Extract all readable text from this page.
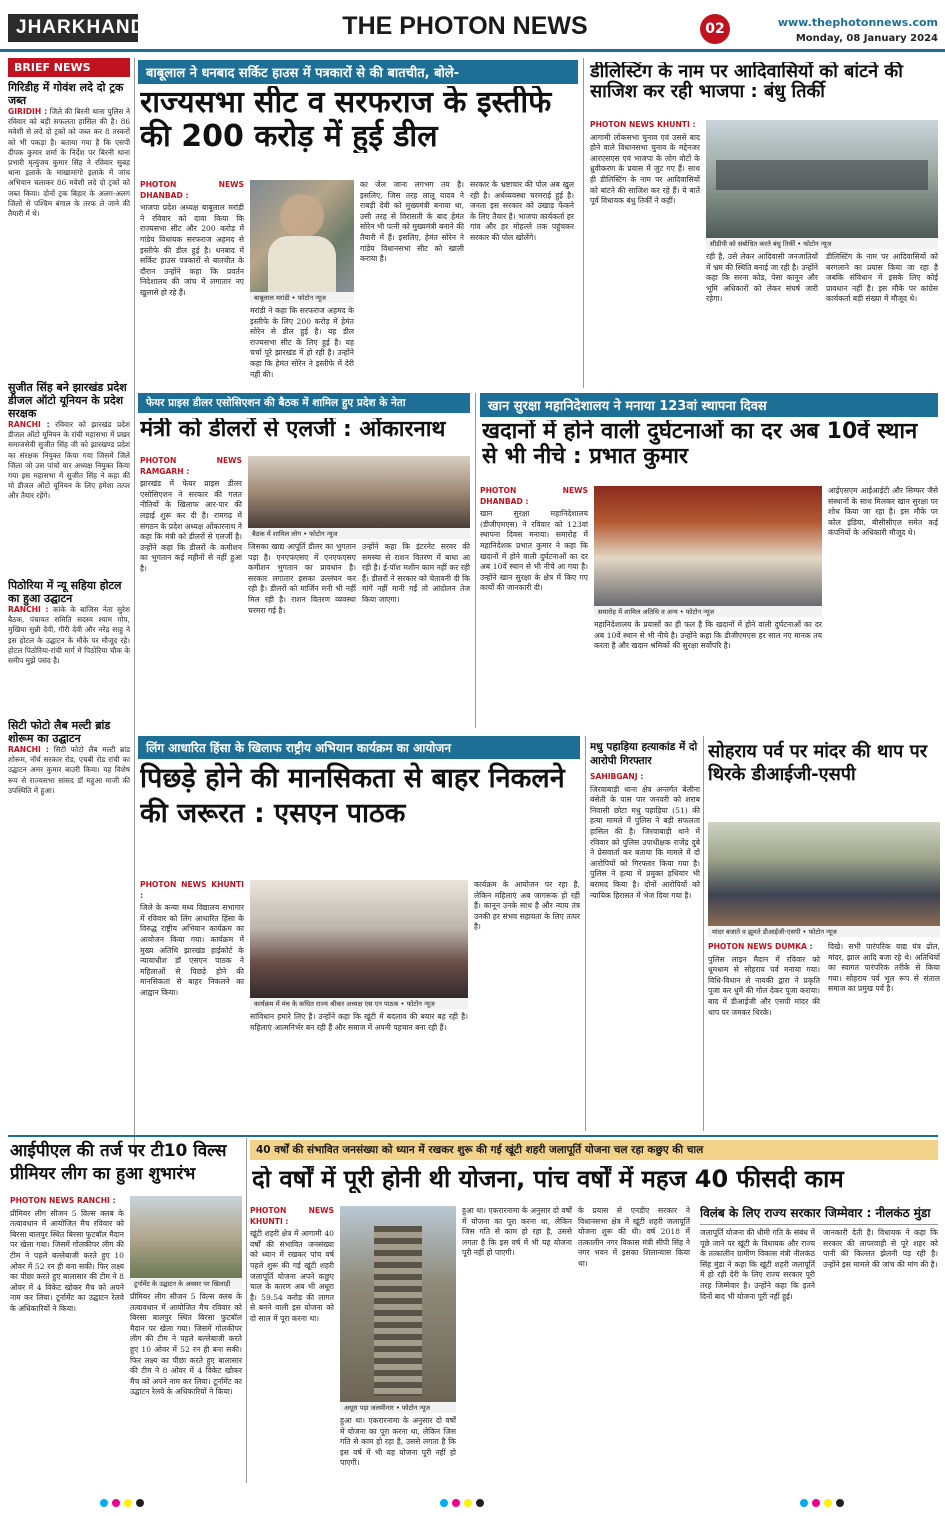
JHARKHAND	THE PHOTON NEWS	02	www.thephotonnews.com
Monday, 08 January 2024
BRIEF NEWS
गिरिडीह में गोवंश लदे दो ट्रक जब्त
GIRIDIH : जिले की बिरनी थाना पुलिस ने रविवार को बड़ी सफलता हासिल की है। 86 मवेशी से लदे दो ट्रकों को जब्त कर 8 तस्करों को भी पकड़ा है। बताया गया है कि एसपी दीपक कुमार शर्मा के निर्देश पर बिरनी थाना प्रभारी मृत्युंजय कुमार सिंह ने रविवार सुबह थाना इलाके के माखामांगो इलाके में जांच अभियान चलाकर 86 मवेशी लदे दो ट्रकों को जब्त किया। दोनों ट्रक बिहार के अलग-अलग जिलों से पश्चिम बंगाल के तरफ ले जाने की तैयारी में थे।
सुजीत सिंह बने झारखंड प्रदेश डीजल ऑटो यूनियन के प्रदेश सरक्षक
RANCHI : रविवार को झारखंड प्रदेश डीजल ऑटो यूनियन के रांची महासभा में प्रखर समाजसेवी सुजीत सिंह जी को झारखण्ड प्रदेश का संरक्षक नियुक्त किया गया जिसमें जिले जिला जो उस पांचो वार अध्यक्ष नियुक्त किया गया इस महासभा में सुजीत सिंह ने कहा की यो डीजल ऑटो यूनियन के लिए हमेशा तत्पर और तैयार रहेंगे।
पिठोरिया में न्यू सहिया होटल का हुआ उद्घाटन
RANCHI : कांके के बाजिस नेता सुरेश बैठक, पंचायत समिति सदस्य श्याम गोप, मुखिया सुन्नी देवी, गीरी देवी और नरेंद्र साहु ने इस होटल के उद्घाटन के मौके पर मौजूद रहे। होटल पिठोरिया-रांची मार्ग में पिठोरिया चौक के समीप मुझे पसंद है।
सिटी फोटो लैब मल्टी ब्रांड शोरूम का उद्घाटन
RANCHI : सिटी फोटो लैब मल्टी ब्रांड शोरूम, नॉर्थ सरकार रोड, एचबी रोड रांची का उद्घाटन अमर कुमार बाउरी किया। यह विशेष रूप से राज्यसभा सांसद डॉ महुआ माजी की उपस्थिति में हुआ।
बाबूलाल ने धनबाद सर्किट हाउस में पत्रकारों से की बातचीत, बोले-
राज्यसभा सीट व सरफराज के इस्तीफे की 200 करोड़ में हुई डील
PHOTON NEWS DHANBAD :
भाजपा प्रदेश अध्यक्ष बाबूलाल मरांडी ने रविवार को दावा किया कि राज्यसभा सीट और 200 करोड़ में गांडेय विधायक सरफराज अहमद से इस्तीफे की डील हुई है। धनबाद में सर्किट हाउस पत्रकारों से बातचीत के दौरान उन्होंने कहा कि प्रवर्तन निदेशालय की जांच में लगातार नए खुलासे हो रहे हैं।
बाबूलाल मरांडी • फोटोन न्यूज
मरांडी ने कहा कि सरफराज अहमद के इस्तीफे के लिए 200 करोड़ में हेमंत सोरेन से डील हुई है। यह डील राज्यसभा सीट के लिए हुई है। यह चर्चा पूरे झारखंड में हो रही है। उन्होंने कहा कि हेमंत सोरेन ने इस्तीफे में देरी नहीं की।
का जेल जाना लगभग तय है। इसलिए, जिस तरह लालू यादव ने राबड़ी देवी को मुख्यमंत्री बनाया था, उसी तरह से विरासती के बाद हेमंत सोरेन भी पत्नी को मुख्यमंत्री बनाने की तैयारी में हैं। इसलिए, हेमंत सोरेन ने गांडेय विधानसभा सीट को खाली कराया है।
सरकार के भ्रष्टाचार की पोल अब खुल रही है। अर्थव्यवस्था चरमराई हुई है। जनता इस सरकार को उखाड़ फेंकने के लिए तैयार है। भाजपा कार्यकर्ता हर गांव और हर मोहल्ले तक पहुंचकर सरकार की पोल खोलेंगे।
डीलिस्टिंग के नाम पर आदिवासियों को बांटने की साजिश कर रही भाजपा : बंधु तिर्की
PHOTON NEWS KHUNTI :
आगामी लोकसभा चुनाव एवं उससे बाद होने वाले विधानसभा चुनाव के मद्देनजर आरएसएस एवं भाजपा के लोग वोटों के ध्रुवीकरण के प्रयास में जुट गए हैं। साथ ही डीलिस्टिंग के नाम पर आदिवासियों को बांटने की साजिश कर रहे हैं। ये बातें पूर्व विधायक बंधु तिर्की ने कहीं।
सीडीपी को संबोधित करते बंधु तिर्की • फोटोन न्यूज
रही है, उसे लेकर आदिवासी जनजातियों में भ्रम की स्थिति बनाई जा रही है। उन्होंने कहा कि सरना कोड, पेसा कानून और भूमि अधिकारों को लेकर संघर्ष जारी रहेगा।
डीलिस्टिंग के नाम पर आदिवासियों को बरगलाने का प्रयास किया जा रहा है जबकि संविधान में इसके लिए कोई प्रावधान नहीं है। इस मौके पर कांग्रेस कार्यकर्ता बड़ी संख्या में मौजूद थे।
फेयर प्राइस डीलर एसोसिएशन की बैठक में शामिल हुए प्रदेश के नेता
मंत्री को डीलरों से एलर्जी : ओंकारनाथ
PHOTON NEWS RAMGARH :
झारखंड में फेयर प्राइस डीलर एसोसिएशन ने सरकार की गलत नीतियों के खिलाफ आर-पार की लड़ाई शुरू कर दी है। रामगढ़ में संगठन के प्रदेश अध्यक्ष ओंकारनाथ ने कहा कि मंत्री को डीलरों से एलर्जी है। उन्होंने कहा कि डीलरों के कमीशन का भुगतान कई महीनों से नहीं हुआ है।
बैठक में शामिल लोग • फोटोन न्यूज
जिसका खाद्य आपूर्ति डीलर का भुगतान पड़ा है। एनएफएसए में एनएफएसए कमीशन भुगतान का प्रावधान है। सरकार लगातार इसका उल्लंघन कर रही है। डीलरों को मार्जिन मनी भी नहीं मिल रही है। राशन वितरण व्यवस्था चरमरा गई है।
उन्होंने कहा कि इंटरनेट सरवर की समस्या से राशन वितरण में बाधा आ रही है। ई-पॉश मशीन काम नहीं कर रही हैं। डीलरों ने सरकार को चेतावनी दी कि मांगें नहीं मानी गईं तो आंदोलन तेज किया जाएगा।
खान सुरक्षा महानिदेशालय ने मनाया 123वां स्थापना दिवस
खदानों में होने वाली दुर्घटनाओं का दर अब 10वें स्थान से भी नीचे : प्रभात कुमार
PHOTON NEWS DHANBAD :
खान सुरक्षा महानिदेशालय (डीजीएमएस) ने रविवार को 123वां स्थापना दिवस मनाया। समारोह में महानिदेशक प्रभात कुमार ने कहा कि खदानों में होने वाली दुर्घटनाओं का दर अब 10वें स्थान से भी नीचे आ गया है। उन्होंने खान सुरक्षा के क्षेत्र में किए गए कार्यों की जानकारी दी।
समारोह में शामिल अतिथि व अन्य • फोटोन न्यूज
महानिदेशालय के प्रयासों का ही फल है कि खदानों में होने वाली दुर्घटनाओं का दर अब 10वें स्थान से भी नीचे है। उन्होंने कहा कि डीजीएमएस हर साल नए मानक तय करता है और खदान श्रमिकों की सुरक्षा सर्वोपरि है।
आईएसएम आईआईटी और सिम्फर जैसे संस्थानों के साथ मिलकर खान सुरक्षा पर शोध किया जा रहा है। इस मौके पर कोल इंडिया, बीसीसीएल समेत कई कंपनियों के अधिकारी मौजूद थे।
लिंग आधारित हिंसा के खिलाफ राष्ट्रीय अभियान कार्यक्रम का आयोजन
पिछड़े होने की मानसिकता से बाहर निकलने की जरूरत : एसएन पाठक
PHOTON NEWS KHUNTI :
जिले के कन्या मध्य विद्यालय सभागार में रविवार को लिंग आधारित हिंसा के विरुद्ध राष्ट्रीय अभियान कार्यक्रम का आयोजन किया गया। कार्यक्रम में मुख्य अतिथि झारखंड हाईकोर्ट के न्यायाधीश डॉ एसएन पाठक ने महिलाओं से पिछड़े होने की मानसिकता से बाहर निकलने का आह्वान किया।
कार्यक्रम में मंच के कथित राज्य श्रीकर अध्यक्ष एस एन पाठक • फोटोन न्यूज
सांविधान हमारे लिए है। उन्होंने कहा कि खूंटी में बदलाव की बयार बह रही है। महिलाएं आत्मनिर्भर बन रही हैं और समाज में अपनी पहचान बना रही हैं।
कार्यक्रम के आयोजन पर रहा है, लेकिन महिलाएं अब जागरूक हो रही हैं। कानून उनके साथ है और न्याय तंत्र उनकी हर संभव सहायता के लिए तत्पर है।
मधु पहाड़िया हत्याकांड में दो आरोपी गिरफ्तार
SAHIBGANJ :
जिरवाबाड़ी थाना क्षेत्र अन्तर्गत बेलीना बंसेती के पास पार जनवरी को शराब निवासी छोटा मधु पहाड़िया (51) की हत्या मामले में पुलिस ने बड़ी सफलता हासिल की है। जिरवाबाड़ी थाने में रविवार को पुलिस उपाधीक्षक राजेंद्र दुबे ने प्रेसवार्ता कर बताया कि मामले में दो आरोपियों को गिरफ्तार किया गया है। पुलिस ने हत्या में प्रयुक्त हथियार भी बरामद किया है। दोनों आरोपियों को न्यायिक हिरासत में भेज दिया गया है।
सोहराय पर्व पर मांदर की थाप पर थिरके डीआईजी-एसपी
मांदर बजाते व झूमते डीआईजी-एसपी • फोटोन न्यूज
PHOTON NEWS DUMKA :
पुलिस लाइन मैदान में रविवार को धूमधाम से सोहराय पर्व मनाया गया। विधि-विधान से नायकी द्वारा ने प्रकृति पूजा कर धुमें की गोल देकर पूजा कराया। बाद में डीआईजी और एसपी मांदर की थाप पर जमकर थिरके।
दिखे। सभी पारंपरिक वाद्य यंत्र ढोल, मांदर, झाल आदि बजा रहे थे। अतिथियों का स्वागत पारंपरिक तरीके से किया गया। सोहराय पर्व भूल रूप से संताल समाज का प्रमुख पर्व है।
आईपीएल की तर्ज पर टी10 विल्स प्रीमियर लीग का हुआ शुभारंभ
PHOTON NEWS RANCHI :
प्रीमियर लीग सीजन 5 विल्स क्लब के तत्वावधान में आयोजित मैच रविवार को बिरसा बालपुर स्थित बिरसा फुटबॉल मैदान पर खेला गया। जिसमें गोलकीपर लीग की टीम ने पहले बल्लेबाजी करते हुए 10 ओवर में 52 रन ही बना सकी। फिर लक्ष्य का पीछा करते हुए बालासार की टीम ने 8 ओवर में 4 विकेट खोकर मैच को अपने नाम कर लिया। टूर्नामेंट का उद्घाटन रेलवे के अधिकारियों ने किया।
टूर्नामेंट के उद्घाटन के अवसर पर खिलाड़ी
प्रीमियर लीग सीजन 5 विल्स क्लब के तत्वावधान में आयोजित मैच रविवार को बिरसा बालपुर स्थित बिरसा फुटबॉल मैदान पर खेला गया। जिसमें गोलकीपर लीग की टीम ने पहले बल्लेबाजी करते हुए 10 ओवर में 52 रन ही बना सकी। फिर लक्ष्य का पीछा करते हुए बालासार की टीम ने 8 ओवर में 4 विकेट खोकर मैच को अपने नाम कर लिया। टूर्नामेंट का उद्घाटन रेलवे के अधिकारियों ने किया।
40 वर्षों की संभावित जनसंख्या को ध्यान में रखकर शुरू की गई खूंटी शहरी जलापूर्ति योजना चल रहा कछुए की चाल
दो वर्षों में पूरी होनी थी योजना, पांच वर्षों में महज 40 फीसदी काम
PHOTON NEWS KHUNTI :
खूंटी शहरी क्षेत्र में आगामी 40 वर्षों की संभावित जनसंख्या को ध्यान में रखकर पांच वर्ष पहले शुरू की गई खूंटी शहरी जलापूर्ति योजना अपने कछुए चाल के कारण अब भी अधूरा है। 59.54 करोड़ की लागत से बनने वाली इस योजना को दो साल में पूरा करना था।
अधूरा पड़ा जलमीनार • फोटोन न्यूज
हुआ था। एकरारनामा के अनुसार दो वर्षों में योजना का पूरा करना था, लेकिन जिस गति से काम हो रहा है, उससे लगता है कि इस वर्ष में भी यह योजना पूरी नहीं हो पाएगी।
हुआ था। एकरारनामा के अनुसार दो वर्षों में योजना का पूरा करना था, लेकिन जिस गति से काम हो रहा है, उससे लगता है कि इस वर्ष में भी यह योजना पूरी नहीं हो पाएगी।
के प्रयास से एनडीए सरकार ने विधानसभा क्षेत्र में खूंटी शहरी जलापूर्ति योजना शुरू की थी। वर्ष 2018 में तत्कालीन नगर विकास मंत्री सीपी सिंह ने नगर भवन में इसका शिलान्यास किया था।
विलंब के लिए राज्य सरकार जिम्मेवार : नीलकंठ मुंडा
जलापूर्ति योजना की धीमी गति के संबंध में पूछे जाने पर खूंटी के विधायक और राज्य के तत्कालीन ग्रामीण विकास मंत्री नीलकंठ सिंह मुंडा ने कहा कि खूंटी शहरी जलापूर्ति में हो रही देरी के लिए राज्य सरकार पूरी तरह जिम्मेवार है। उन्होंने कहा कि इतने दिनों बाद भी योजना पूरी नहीं हुई।
जानकारी देती है। विधायक ने कहा कि सरकार की लापरवाही से पूरे शहर को पानी की किल्लत झेलनी पड़ रही है। उन्होंने इस मामले की जांच की मांग की है।
